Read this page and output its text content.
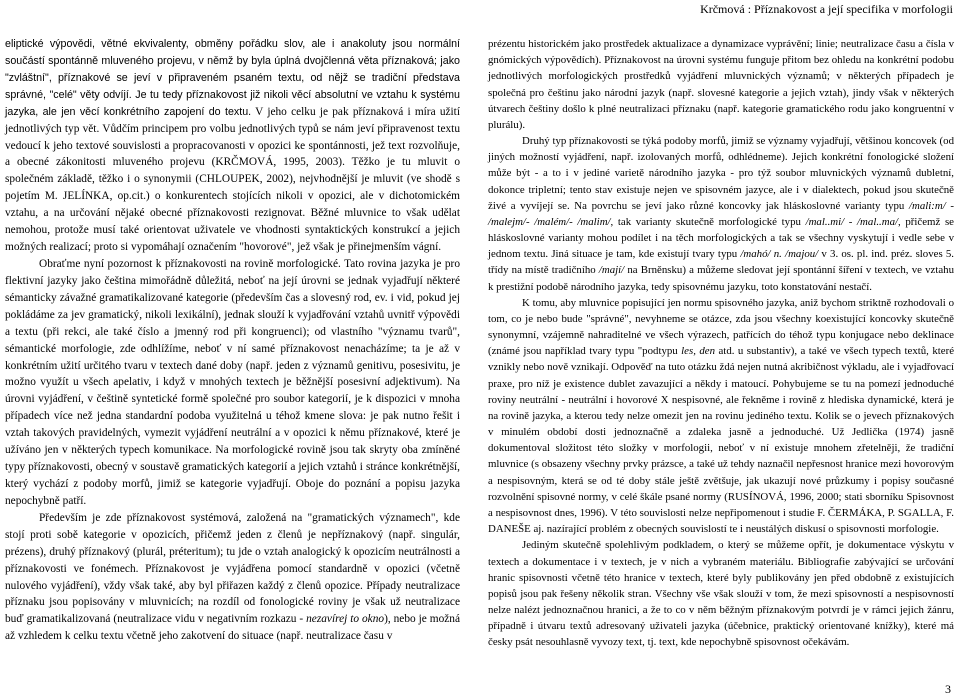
Krčmová : Příznakovost a její specifika v morfologii

eliptické výpovědi, větné ekvivalenty, obměny pořádku slov, ale i anakoluty jsou normální součástí spontánně mluveného projevu, v němž by byla úplná dvojčlenná věta příznaková; jako "zvláštní", příznakové se jeví v připraveném psaném textu, od nějž se tradiční představa správné, "celé" věty odvíjí. Je tu tedy příznakovost již nikoli věcí absolutní ve vztahu k systému jazyka, ale jen věcí konkrétního zapojení do textu. V jeho celku je pak příznaková i míra užití jednotlivých typ vět. Vůdčím principem pro volbu jednotlivých typů se nám jeví připravenost textu vedoucí k jeho textové souvislosti a propracovanosti v opozici ke spontánnosti, jež text rozvolňuje, a obecné zákonitosti mluveného projevu (KRČMOVÁ, 1995, 2003). Těžko je tu mluvit o společném základě, těžko i o synonymii (CHLOUPEK, 2002), nejvhodnější je mluvit (ve shodě s pojetím M. JELÍNKA, op.cit.) o konkurentech stojících nikoli v opozici, ale v dichotomickém vztahu, a na určování nějaké obecné příznakovosti rezignovat. Běžné mluvnice to však udělat nemohou, protože musí také orientovat uživatele ve vhodnosti syntaktických konstrukcí a jejich možných realizací; proto si vypomáhají označením "hovorové", jež však je přinejmenším vágní.

Obraťme nyní pozornost k příznakovosti na rovině morfologické. Tato rovina jazyka je pro flektivní jazyky jako čeština mimořádně důležitá, neboť na její úrovni se jednak vyjadřují některé sémanticky závažné gramatikalizované kategorie (především čas a slovesný rod, ev. i vid, pokud jej pokládáme za jev gramatický, nikoli lexikální), jednak slouží k vyjadřování vztahů uvnitř výpovědi a textu (při rekci, ale také číslo a jmenný rod při kongruenci); od vlastního "významu tvarů", sémantické morfologie, zde odhlížíme, neboť v ní samé příznakovost nenacházíme; ta je až v konkrétním užití určitého tvaru v textech dané doby (např. jeden z významů genitivu, posesivitu, je možno využít u všech apelativ, i když v mnohých textech je běžnější posesivní adjektivum). Na úrovni vyjádření, v češtině syntetické formě společné pro soubor kategorií, je k dispozici v mnoha případech více než jedna standardní podoba využitelná u téhož kmene slova: je pak nutno řešit i vztah takových pravidelných, vymezit vyjádření neutrální a v opozici k němu příznakové, které je užíváno jen v některých typech komunikace. Na morfologické rovině jsou tak skryty oba zmíněné typy příznakovosti, obecný v soustavě gramatických kategorií a jejich vztahů i stránce konkrétnější, který vychází z podoby morfů, jimiž se kategorie vyjadřují. Oboje do poznání a popisu jazyka nepochybně patří.

Především je zde příznakovost systémová, založená na "gramatických významech", kde stojí proti sobě kategorie v opozicích, přičemž jeden z členů je nepříznakový (např. singulár, prézens), druhý příznakový (plurál, préteritum); tu jde o vztah analogický k opozicím neutrálnosti a příznakovosti ve fonémech. Příznakovost je vyjádřena pomocí standardně v opozici (včetně nulového vyjádření), vždy však také, aby byl přiřazen každý z členů opozice. Případy neutralizace příznaku jsou popisovány v mluvnicích; na rozdíl od fonologické roviny je však už neutralizace buď gramatikalizovaná (neutralizace vidu v negativním rozkazu - nezavírej to okno), nebo je možná až vzhledem k celku textu včetně jeho zakotvení do situace (např. neutralizace času v

prézentu historickém jako prostředek aktualizace a dynamizace vyprávění; linie; neutralizace času a čísla v gnómických výpovědích). Příznakovost na úrovni systému funguje přitom bez ohledu na konkrétní podobu jednotlivých morfologických prostředků vyjádření mluvnických významů; v některých případech je společná pro češtinu jako národní jazyk (např. slovesné kategorie a jejich vztah), jindy však v některých útvarech češtiny došlo k plné neutralizaci příznaku (např. kategorie gramatického rodu jako kongruentní v plurálu).

Druhý typ příznakovosti se týká podoby morfů, jimiž se významy vyjadřují, většinou koncovek (od jiných možností vyjádření, např. izolovaných morfů, odhlédneme). Jejich konkrétní fonologické složení může být - a to i v jediné varietě národního jazyka - pro týž soubor mluvnických významů dubletní, dokonce tripletní; tento stav existuje nejen ve spisovném jazyce, ale i v dialektech, pokud jsou skutečně živé a vyvíjejí se. Na povrchu se jeví jako různé koncovky jak hláskoslovné varianty typu /mali:m/ - /malejm/- /malém/- /malim/, tak varianty skutečně morfologické typu /mal..mi/ - /mal..ma/, přičemž se hláskoslovné varianty mohou podílet i na těch morfologických a tak se všechny vyskytují i vedle sebe v jednom textu. Jiná situace je tam, kde existují tvary typu /mahó/ n. /majou/ v 3. os. pl. ind. préz. sloves 5. třídy na místě tradičního /mají/ na Brněnsku) a můžeme sledovat její spontánní šíření v textech, ve vztahu k prestižní podobě národního jazyka, tedy spisovnému jazyku, toto konstatování nestačí.

K tomu, aby mluvnice popisující jen normu spisovného jazyka, aniž bychom striktně rozhodovali o tom, co je nebo bude "správné", nevyhneme se otázce, zda jsou všechny koexistující koncovky skutečně synonymní, vzájemně nahraditelné ve všech výrazech, patřících do téhož typu konjugace nebo deklinace (známé jsou například tvary typu "podtypu les, den atd. u substantiv), a také ve všech typech textů, které vznikly nebo nově vznikají. Odpověď na tuto otázku ždá nejen nutná akribičnost výkladu, ale i vyjadřovací praxe, pro níž je existence dublet zavazující a někdy i matoucí. Pohybujeme se tu na pomezí jednoduché roviny neutrální - neutrální i hovorové X nespisovné, ale řekněme i rovině z hlediska dynamické, která je na rovině jazyka, a kterou tedy nelze omezit jen na rovinu jediného textu. Kolik se o jevech příznakových v minulém období dosti jednoznačně a zdaleka jasně a jednoduché. Už Jedlička (1974) jasně dokumentoval složitost této složky v morfologii, neboť v ní existuje mnohem zřetelněji, že tradiční mluvnice (s obsazeny všechny prvky prázsce, a také už tehdy naznačil nepřesnost hranice mezi hovorovým a nespisovným, která se od té doby stále ještě zvětšuje, jak ukazují nové průzkumy i popisy současné rozvolnění spisovné normy, v celé škále psané normy (RUSÍNOVÁ, 1996, 2000; stati sborníku Spisovnost a nespisovnost dnes, 1996). V této souvislosti nelze nepřipomenout i studie F. ČERMÁKA, P. SGALLA, F. DANEŠE aj. nazírající problém z obecných souvislostí te i neustálých diskusí o spisovnosti morfologie.

Jediným skutečně spolehlivým podkladem, o který se můžeme opřít, je dokumentace výskytu v textech a dokumentace i v textech, je v nich a vybraném materiálu. Bibliografie zabývající se určování hranic spisovnosti včetně této hranice v textech, které byly publikovány jen před obdobně z existujících popisů jsou pak řešeny několik stran. Všechny vše však slouží v tom, že mezi spisovností a nespisovností nelze nalézt jednoznačnou hranici, a že to co v něm běžným příznakovým potvrdí je v rámci jejich žánru, případně i útvaru textů adresovaný uživateli jazyka (účebnice, praktický orientované knížky), které má česky psát nesouhlasně vyvozy text, tj. text, kde nepochybně spisovnost očekávám.

3
